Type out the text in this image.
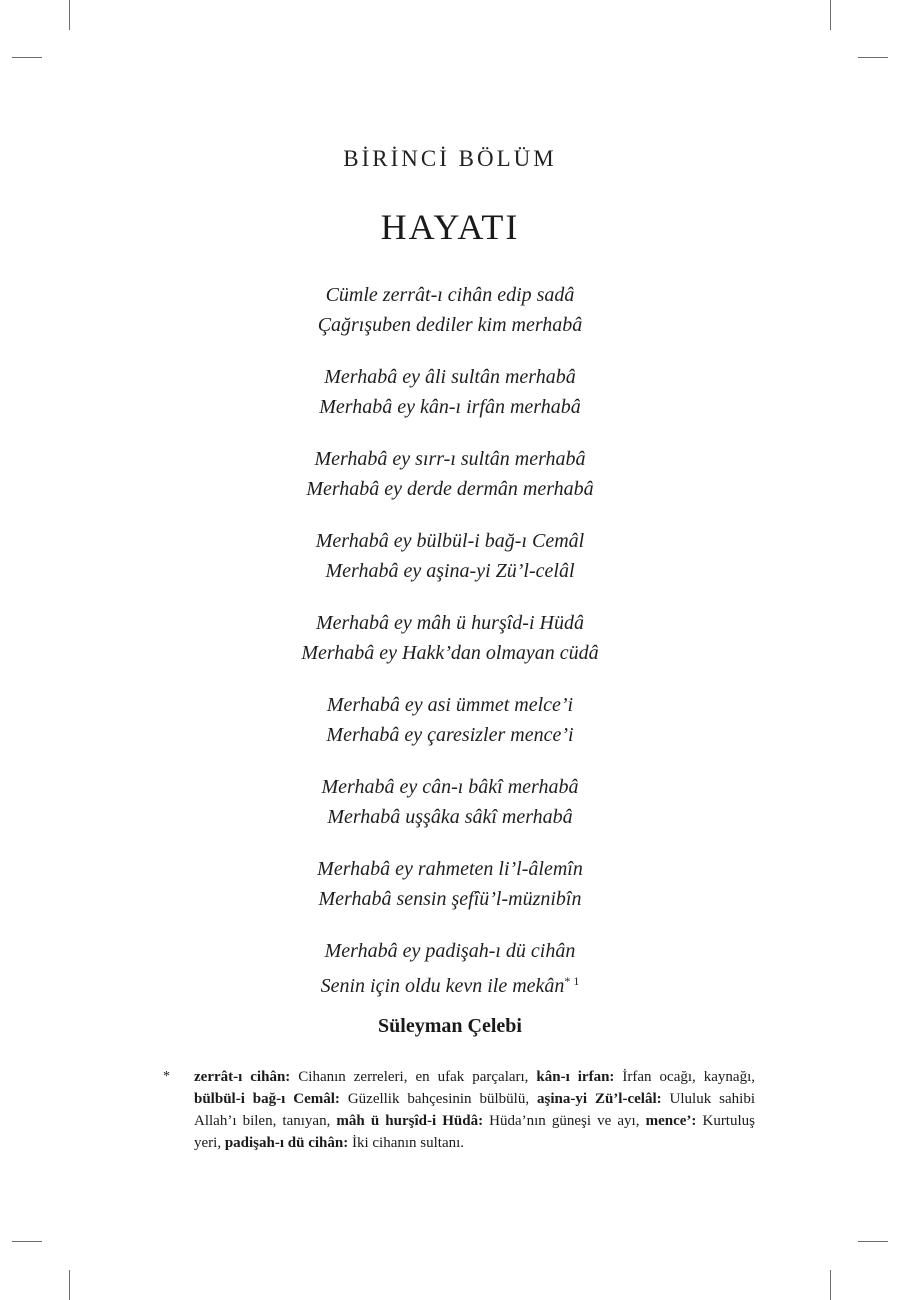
BİRİNCİ BÖLÜM
HAYATI
Cümle zerrât-ı cihân edip sadâ
Çağrışuben dediler kim merhabâ
Merhabâ ey âli sultân merhabâ
Merhabâ ey kân-ı irfân merhabâ
Merhabâ ey sırr-ı sultân merhabâ
Merhabâ ey derde dermân merhabâ
Merhabâ ey bülbül-i bağ-ı Cemâl
Merhabâ ey aşina-yi Zü’l-celâl
Merhabâ ey mâh ü hurşîd-i Hüdâ
Merhabâ ey Hakk’dan olmayan cüdâ
Merhabâ ey asi ümmet melce’i
Merhabâ ey çaresizler mence’i
Merhabâ ey cân-ı bâkî merhabâ
Merhabâ uşşâka sâkî merhabâ
Merhabâ ey rahmeten li’l-âlemîn
Merhabâ sensin şefîü’l-müznibîn
Merhabâ ey padişah-ı dü cihân
Senin için oldu kevn ile mekân$^{* 1}$
Süleyman Çelebi
* zerrât-ı cihân: Cihanın zerreleri, en ufak parçaları, kân-ı irfan: İrfan ocağı, kaynağı, bülbül-i bağ-ı Cemâl: Güzellik bahçesinin bülbülü, aşina-yi Zü’l-celâl: Ululuk sahibi Allah’ı bilen, tanıyan, mâh ü hurşîd-i Hüdâ: Hüda’nın güneşi ve ayı, mence’: Kurtuluş yeri, padişah-ı dü cihân: İki cihanın sultanı.
